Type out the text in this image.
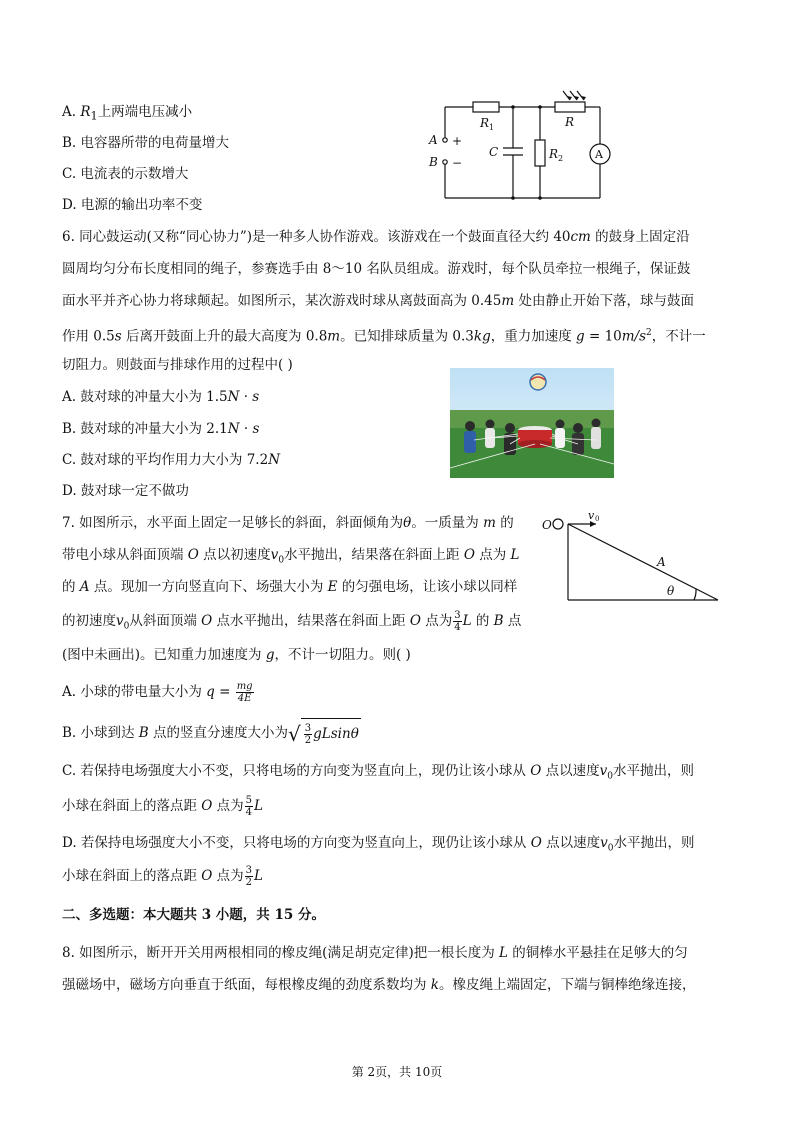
A. $R_1$上两端电压减小
B. 电容器所带的电荷量增大
C. 电流表的示数增大
D. 电源的输出功率不变
A +
B −
R 1	R
C	R 2	A
6. 同心鼓运动(又称“同心协力”)是一种多人协作游戏。该游戏在一个鼓面直径大约 40cm 的鼓身上固定沿
圆周均匀分布长度相同的绳子，参赛选手由 8～10 名队员组成。游戏时，每个队员牵拉一根绳子，保证鼓
面水平并齐心协力将球颠起。如图所示，某次游戏时球从离鼓面高为 0.45m 处由静止开始下落，球与鼓面
作用 0.5s 后离开鼓面上升的最大高度为 0.8m。已知排球质量为 0.3kg，重力加速度 $g = 10m/s^2$，不计一
切阻力。则鼓面与排球作用的过程中( )
A. 鼓对球的冲量大小为 1.5N · s
B. 鼓对球的冲量大小为 2.1N · s
C. 鼓对球的平均作用力大小为 7.2N
D. 鼓对球一定不做功
7. 如图所示，水平面上固定一足够长的斜面，斜面倾角为θ。一质量为 m 的
带电小球从斜面顶端 O 点以初速度$v_0$水平抛出，结果落在斜面上距 O 点为 L
的 A 点。现加一方向竖直向下、场强大小为 E 的匀强电场，让该小球以同样
的初速度$v_0$从斜面顶端 O 点水平抛出，结果落在斜面上距 O 点为 $\frac{3}{4}$ L 的 B 点
(图中未画出)。已知重力加速度为 g，不计一切阻力。则( )
O
v 0
A
θ
A. 小球的带电量大小为 $q = \frac{mg}{4E}$
B. 小球到达 B 点的竖直分速度大小为 √ $\frac{3}{2}$ gLsinθ
C. 若保持电场强度大小不变，只将电场的方向变为竖直向上，现仍让该小球从 O 点以速度$v_0$水平抛出，则
小球在斜面上的落点距 O 点为 $\frac{5}{4}$ L
D. 若保持电场强度大小不变，只将电场的方向变为竖直向上，现仍让该小球从 O 点以速度$v_0$水平抛出，则
小球在斜面上的落点距 O 点为 $\frac{3}{2}$ L
二、多选题：本大题共 3 小题，共 15 分。
8. 如图所示，断开开关用两根相同的橡皮绳(满足胡克定律)把一根长度为 L 的铜棒水平悬挂在足够大的匀
强磁场中，磁场方向垂直于纸面，每根橡皮绳的劲度系数均为 k。橡皮绳上端固定，下端与铜棒绝缘连接，
第 2页，共 10页
